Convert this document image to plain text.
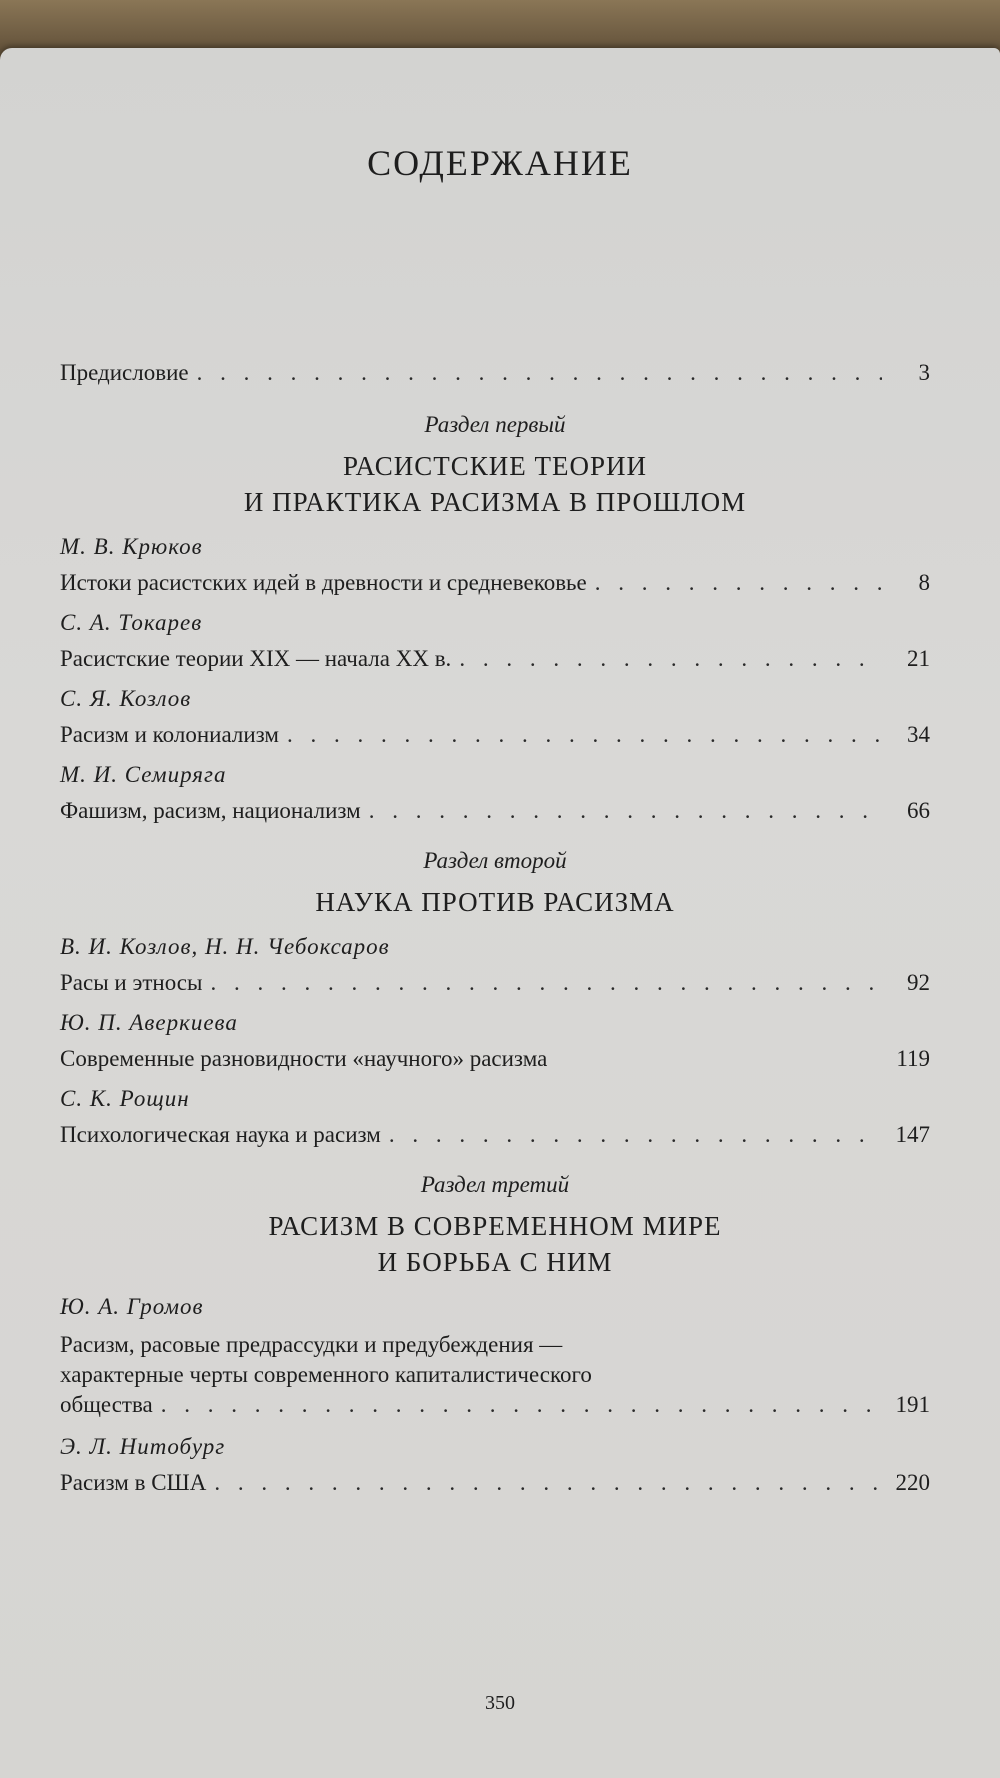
СОДЕРЖАНИЕ
Предисловие . . .	3
Раздел первый
РАСИСТСКИЕ ТЕОРИИ
И ПРАКТИКА РАСИЗМА В ПРОШЛОМ
М. В. Крюков
Истоки расистских идей в древности и средневековье . . .	8
С. А. Токарев
Расистские теории XIX — начала XX в. . . .	21
С. Я. Козлов
Расизм и колониализм . . .	34
М. И. Семиряга
Фашизм, расизм, национализм . . .	66
Раздел второй
НАУКА ПРОТИВ РАСИЗМА
В. И. Козлов, Н. Н. Чебоксаров
Расы и этносы . . .	92
Ю. П. Аверкиева
Современные разновидности «научного» расизма	119
С. К. Рощин
Психологическая наука и расизм . . .	147
Раздел третий
РАСИЗМ В СОВРЕМЕННОМ МИРЕ
И БОРЬБА С НИМ
Ю. А. Громов
Расизм, расовые предрассудки и предубеждения —
характерные черты современного капиталистического
общества . . .	191
Э. Л. Нитобург
Расизм в США . . .	220
350
